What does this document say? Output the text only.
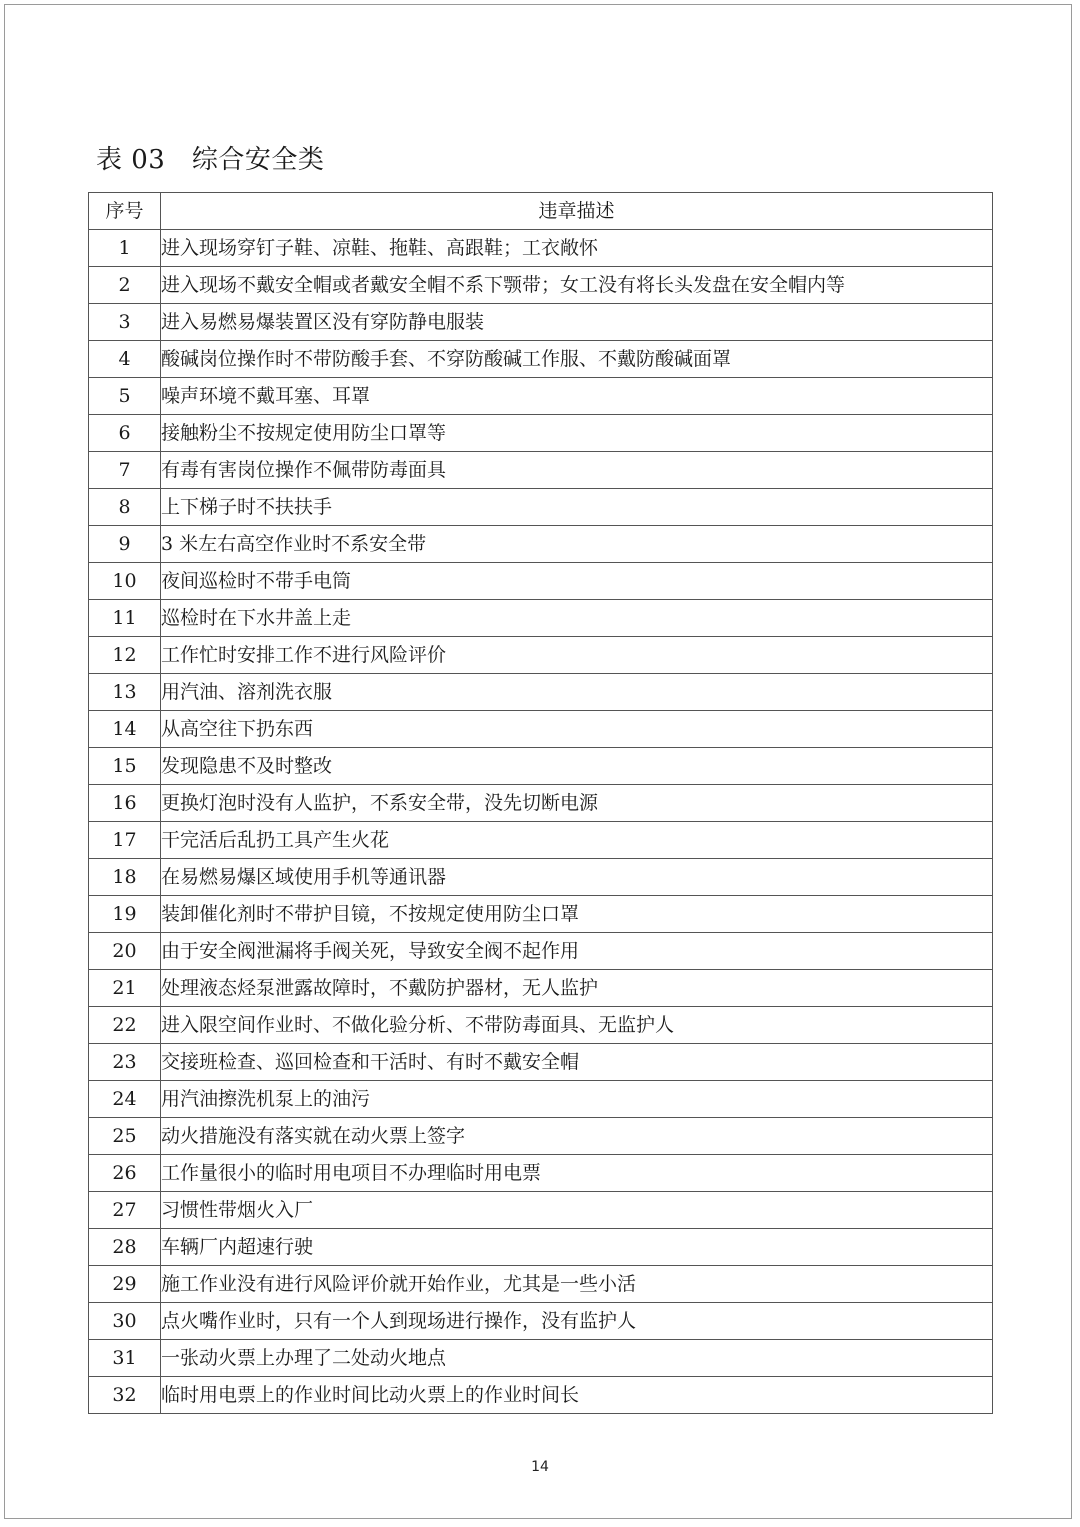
表 03　综合安全类
序号	违章描述
1	进入现场穿钉子鞋、凉鞋、拖鞋、高跟鞋；工衣敞怀
2	进入现场不戴安全帽或者戴安全帽不系下颚带；女工没有将长头发盘在安全帽内等
3	进入易燃易爆装置区没有穿防静电服装
4	酸碱岗位操作时不带防酸手套、不穿防酸碱工作服、不戴防酸碱面罩
5	噪声环境不戴耳塞、耳罩
6	接触粉尘不按规定使用防尘口罩等
7	有毒有害岗位操作不佩带防毒面具
8	上下梯子时不扶扶手
9	3 米左右高空作业时不系安全带
10	夜间巡检时不带手电筒
11	巡检时在下水井盖上走
12	工作忙时安排工作不进行风险评价
13	用汽油、溶剂洗衣服
14	从高空往下扔东西
15	发现隐患不及时整改
16	更换灯泡时没有人监护，不系安全带，没先切断电源
17	干完活后乱扔工具产生火花
18	在易燃易爆区域使用手机等通讯器
19	装卸催化剂时不带护目镜，不按规定使用防尘口罩
20	由于安全阀泄漏将手阀关死，导致安全阀不起作用
21	处理液态烃泵泄露故障时，不戴防护器材，无人监护
22	进入限空间作业时、不做化验分析、不带防毒面具、无监护人
23	交接班检查、巡回检查和干活时、有时不戴安全帽
24	用汽油擦洗机泵上的油污
25	动火措施没有落实就在动火票上签字
26	工作量很小的临时用电项目不办理临时用电票
27	习惯性带烟火入厂
28	车辆厂内超速行驶
29	施工作业没有进行风险评价就开始作业，尤其是一些小活
30	点火嘴作业时，只有一个人到现场进行操作，没有监护人
31	一张动火票上办理了二处动火地点
32	临时用电票上的作业时间比动火票上的作业时间长
14
